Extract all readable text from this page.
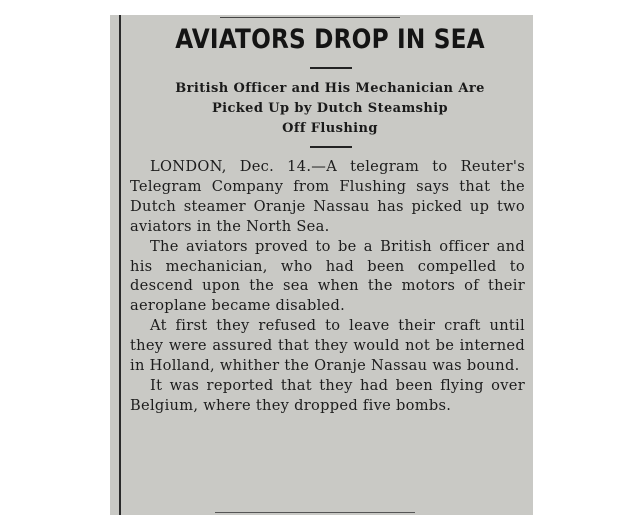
AVIATORS DROP IN SEA
British Officer and His Mechanician Are
Picked Up by Dutch Steamship
Off Flushing

LONDON, Dec. 14.—A telegram to Reuter's Telegram Company from Flushing says that the Dutch steamer Oranje Nassau has picked up two aviators in the North Sea.

The aviators proved to be a British officer and his mechanician, who had been compelled to descend upon the sea when the motors of their aeroplane became disabled.

At first they refused to leave their craft until they were assured that they would not be interned in Holland, whither the Oranje Nassau was bound.

It was reported that they had been flying over Belgium, where they dropped five bombs.
